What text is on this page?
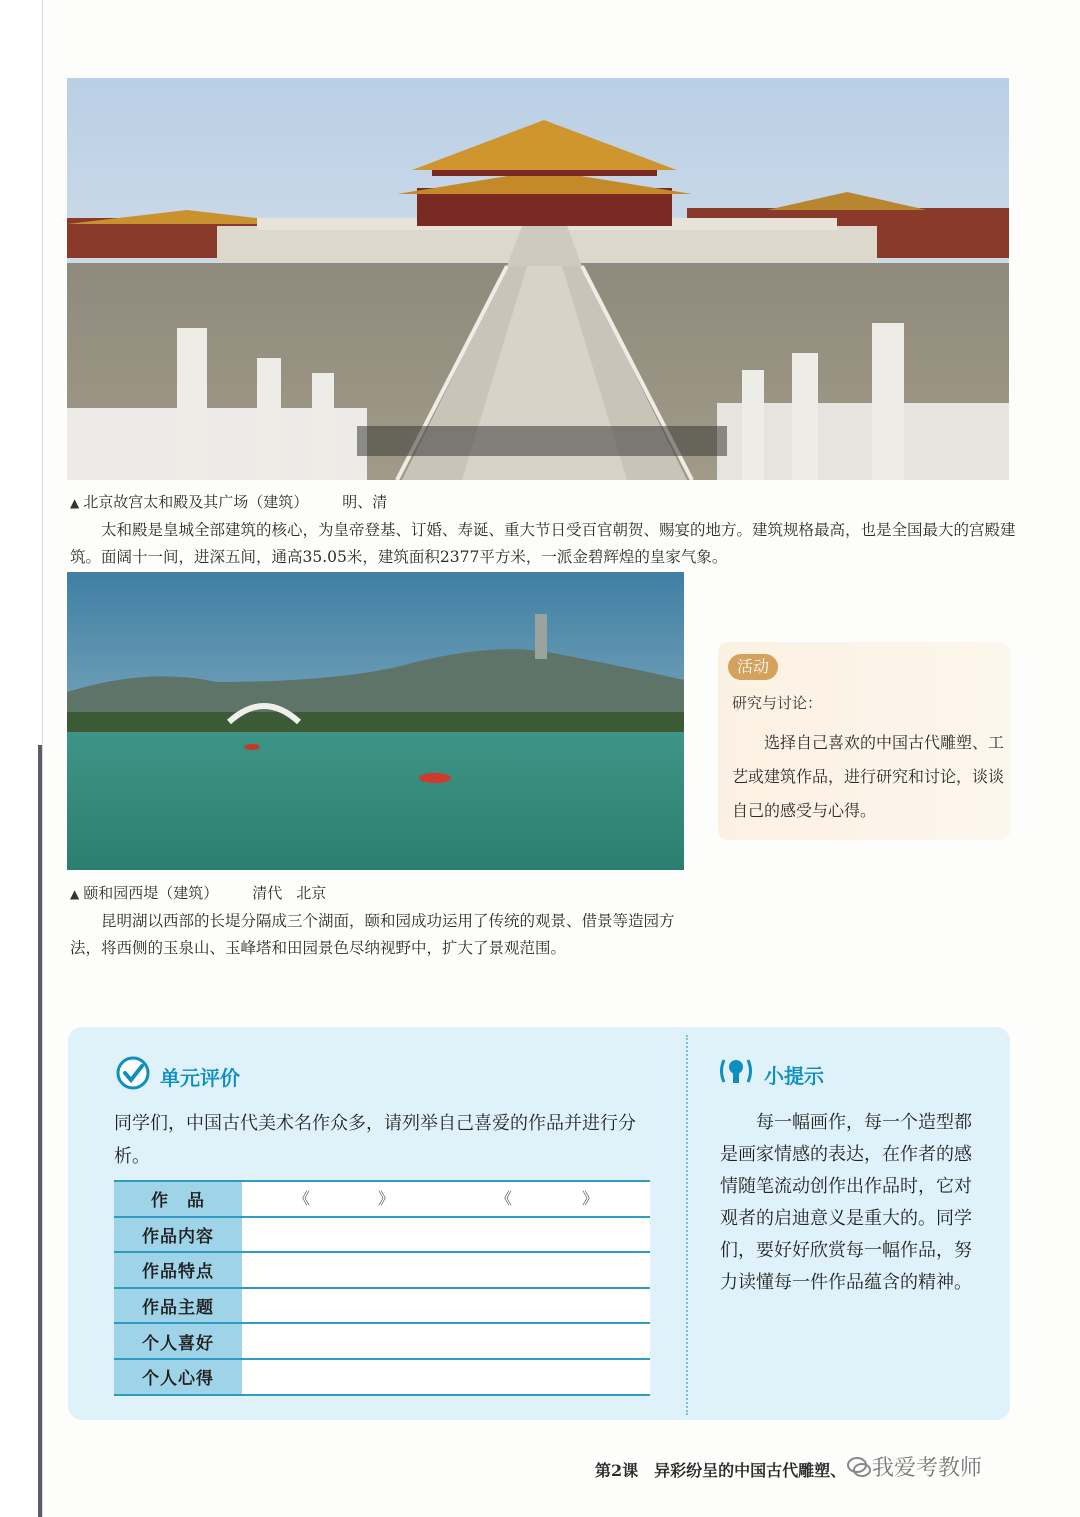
▲ 北京故宫太和殿及其广场（建筑） 明、清

太和殿是皇城全部建筑的核心，为皇帝登基、订婚、寿诞、重大节日受百官朝贺、赐宴的地方。建筑规格最高，也是全国最大的宫殿建筑。面阔十一间，进深五间，通高35.05米，建筑面积2377平方米，一派金碧辉煌的皇家气象。

▲ 颐和园西堤（建筑） 清代 北京

昆明湖以西部的长堤分隔成三个湖面，颐和园成功运用了传统的观景、借景等造园方法，将西侧的玉泉山、玉峰塔和田园景色尽纳视野中，扩大了景观范围。

活动
研究与讨论：
选择自己喜欢的中国古代雕塑、工艺或建筑作品，进行研究和讨论，谈谈自己的感受与心得。
单元评价
同学们，中国古代美术名作众多，请列举自己喜爱的作品并进行分析。
作　品	《 》 《 》

作品内容	
作品特点	
作品主题	
个人喜好	
个人心得	
小提示
每一幅画作，每一个造型都是画家情感的表达，在作者的感情随笔流动创作出作品时，它对观者的启迪意义是重大的。同学们，要好好欣赏每一幅作品，努力读懂每一件作品蕴含的精神。
第2课　异彩纷呈的中国古代雕塑、 我爱考教师
